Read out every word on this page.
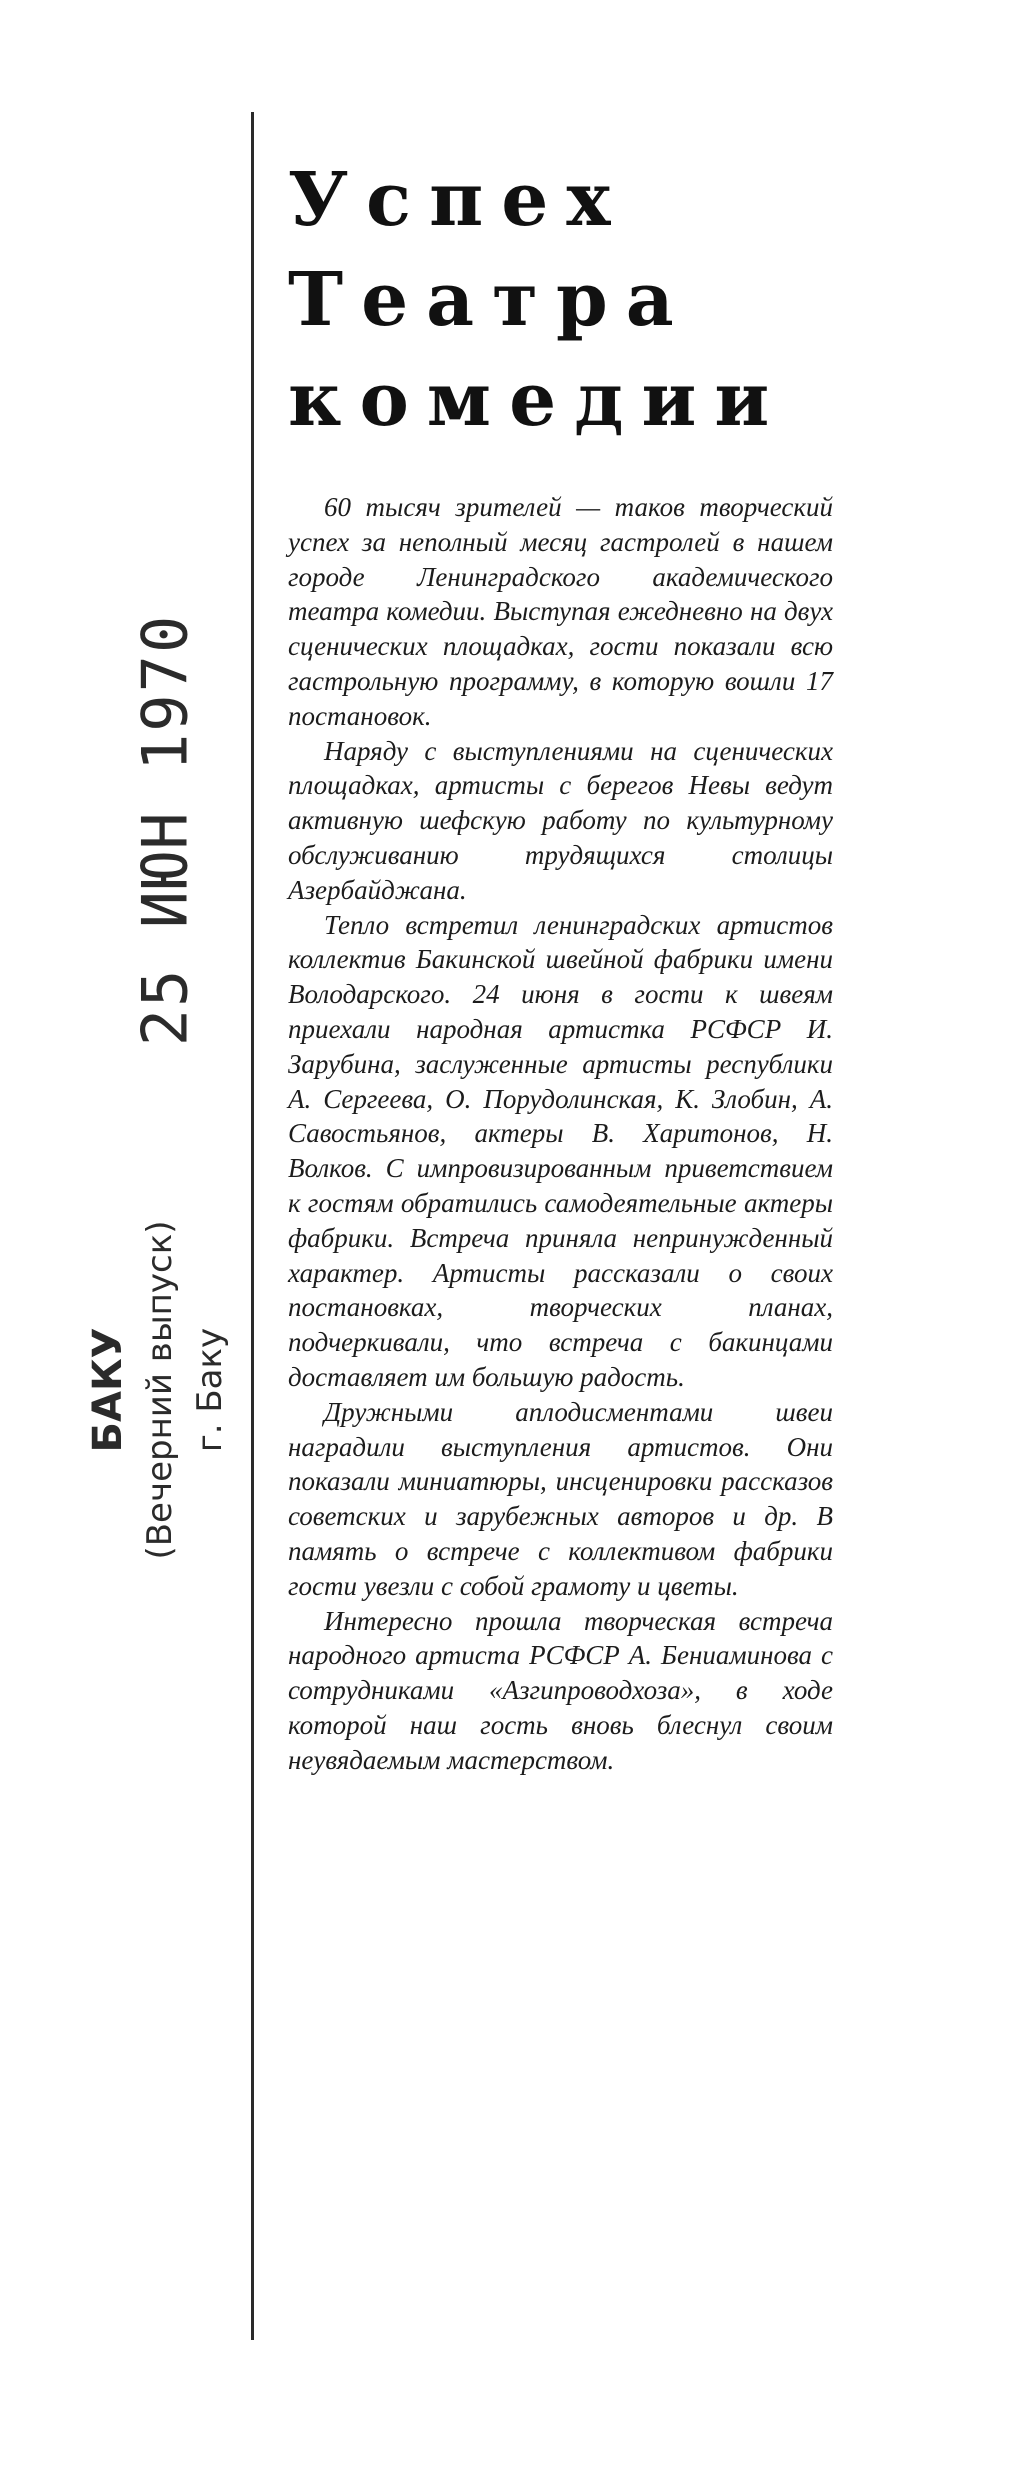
25 ИЮН 1970
БАКУ (Вечерний выпуск) г. Баку
Успех
Театра
комедии

60 тысяч зрителей — таков творческий успех за неполный месяц гастролей в нашем городе Ленинградского академического театра комедии. Выступая ежедневно на двух сценических площадках, гости показали всю гастрольную программу, в которую вошли 17 постановок.

Наряду с выступлениями на сценических площадках, артисты с берегов Невы ведут активную шефскую работу по культурному обслуживанию трудящихся столицы Азербайджана.

Тепло встретил ленинградских артистов коллектив Бакинской швейной фабрики имени Володарского. 24 июня в гости к швеям приехали народная артистка РСФСР И. Зарубина, заслуженные артисты республики А. Сергеева, О. Порудолинская, К. Злобин, А. Савостьянов, актеры В. Харитонов, Н. Волков. С импровизированным приветствием к гостям обратились самодеятельные актеры фабрики. Встреча приняла непринужденный характер. Артисты рассказали о своих постановках, творческих планах, подчеркивали, что встреча с бакинцами доставляет им большую радость.

Дружными аплодисментами швеи наградили выступления артистов. Они показали миниатюры, инсценировки рассказов советских и зарубежных авторов и др. В память о встрече с коллективом фабрики гости увезли с собой грамоту и цветы.

Интересно прошла творческая встреча народного артиста РСФСР А. Бениаминова с сотрудниками «Азгипроводхоза», в ходе которой наш гость вновь блеснул своим неувядаемым мастерством.
